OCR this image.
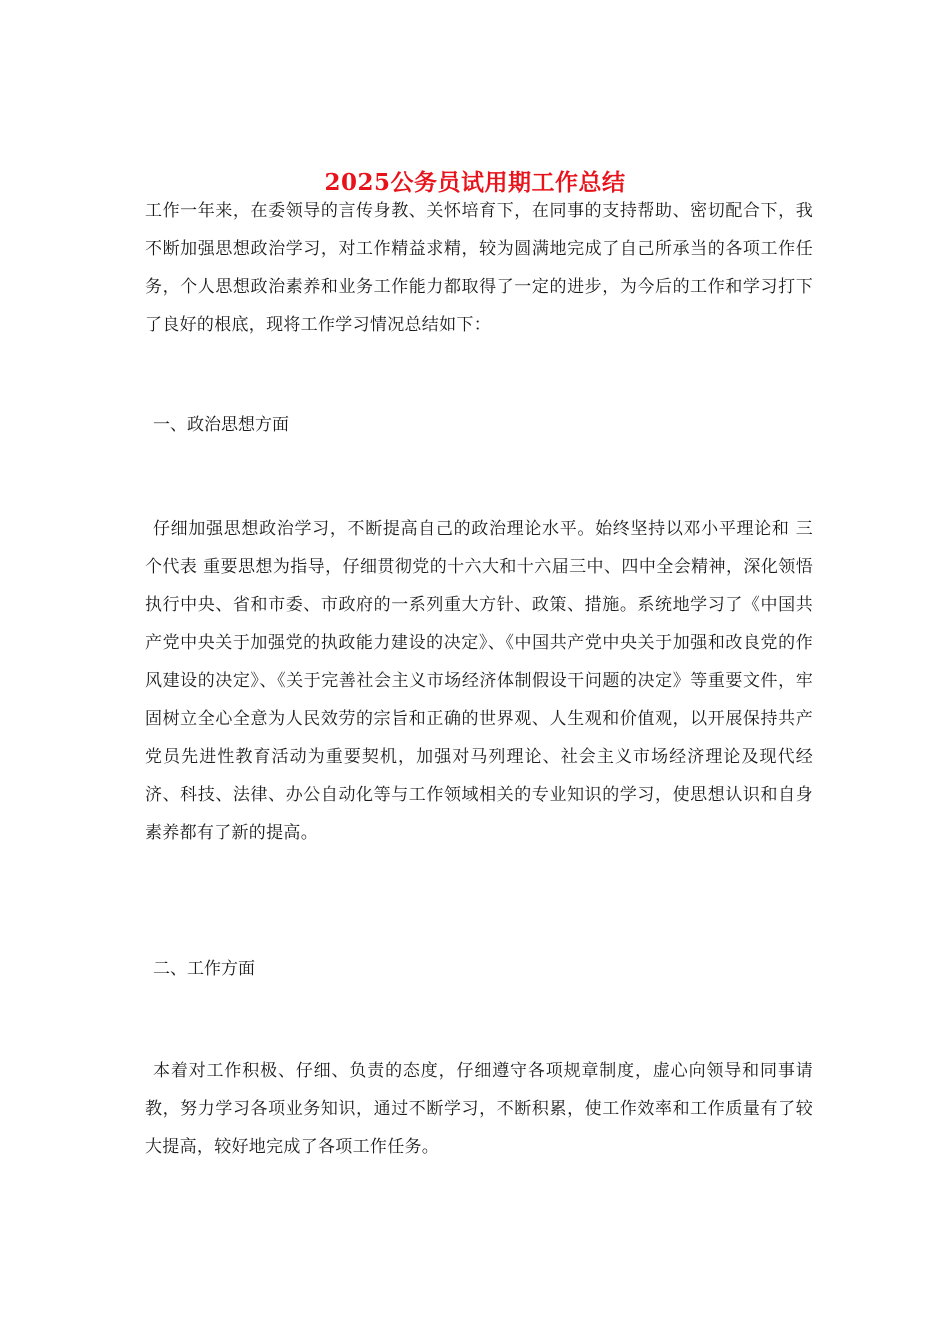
2025公务员试用期工作总结

工作一年来，在委领导的言传身教、关怀培育下，在同事的支持帮助、密切配合下，我不断加强思想政治学习，对工作精益求精，较为圆满地完成了自己所承当的各项工作任务，个人思想政治素养和业务工作能力都取得了一定的进步，为今后的工作和学习打下了良好的根底，现将工作学习情况总结如下：

一、政治思想方面

仔细加强思想政治学习，不断提高自己的政治理论水平。始终坚持以邓小平理论和 三个代表 重要思想为指导，仔细贯彻党的十六大和十六届三中、四中全会精神，深化领悟执行中央、省和市委、市政府的一系列重大方针、政策、措施。系统地学习了《中国共产党中央关于加强党的执政能力建设的决定》、《中国共产党中央关于加强和改良党的作风建设的决定》、《关于完善社会主义市场经济体制假设干问题的决定》等重要文件，牢固树立全心全意为人民效劳的宗旨和正确的世界观、人生观和价值观，以开展保持共产党员先进性教育活动为重要契机，加强对马列理论、社会主义市场经济理论及现代经济、科技、法律、办公自动化等与工作领域相关的专业知识的学习，使思想认识和自身素养都有了新的提高。

二、工作方面

本着对工作积极、仔细、负责的态度，仔细遵守各项规章制度，虚心向领导和同事请教，努力学习各项业务知识，通过不断学习，不断积累，使工作效率和工作质量有了较大提高，较好地完成了各项工作任务。
